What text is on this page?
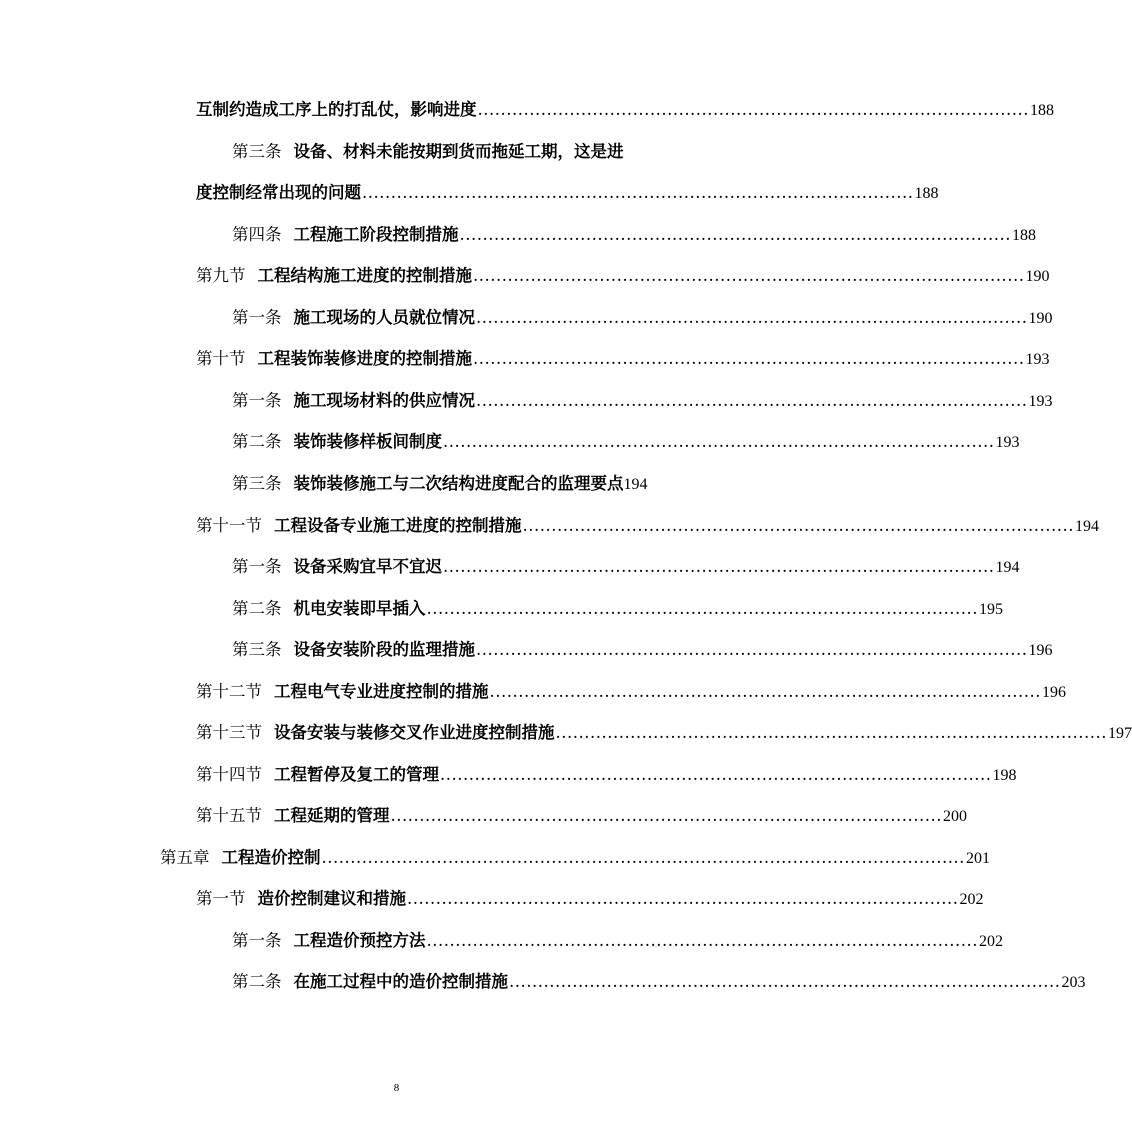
互制约造成工序上的打乱仗，影响进度 ................................................................................................ 188
第三条 设备、材料未能按期到货而拖延工期，这是进
度控制经常出现的问题 ................................................................................................ 188
第四条 工程施工阶段控制措施 ................................................................................................ 188
第九节 工程结构施工进度的控制措施 ................................................................................................ 190
第一条 施工现场的人员就位情况 ................................................................................................ 190
第十节 工程装饰装修进度的控制措施 ................................................................................................ 193
第一条 施工现场材料的供应情况 ................................................................................................ 193
第二条 装饰装修样板间制度 ................................................................................................ 193
第三条 装饰装修施工与二次结构进度配合的监理要点 194
第十一节 工程设备专业施工进度的控制措施 ................................................................................................ 194
第一条 设备采购宜早不宜迟 ................................................................................................ 194
第二条 机电安装即早插入 ................................................................................................ 195
第三条 设备安装阶段的监理措施 ................................................................................................ 196
第十二节 工程电气专业进度控制的措施 ................................................................................................ 196
第十三节 设备安装与装修交叉作业进度控制措施 ................................................................................................ 197
第十四节 工程暂停及复工的管理 ................................................................................................ 198
第十五节 工程延期的管理 ................................................................................................ 200
第五章 工程造价控制 ................................................................................................................ 201
第一节 造价控制建议和措施 ................................................................................................ 202
第一条 工程造价预控方法 ................................................................................................ 202
第二条 在施工过程中的造价控制措施 ................................................................................................ 203
8
